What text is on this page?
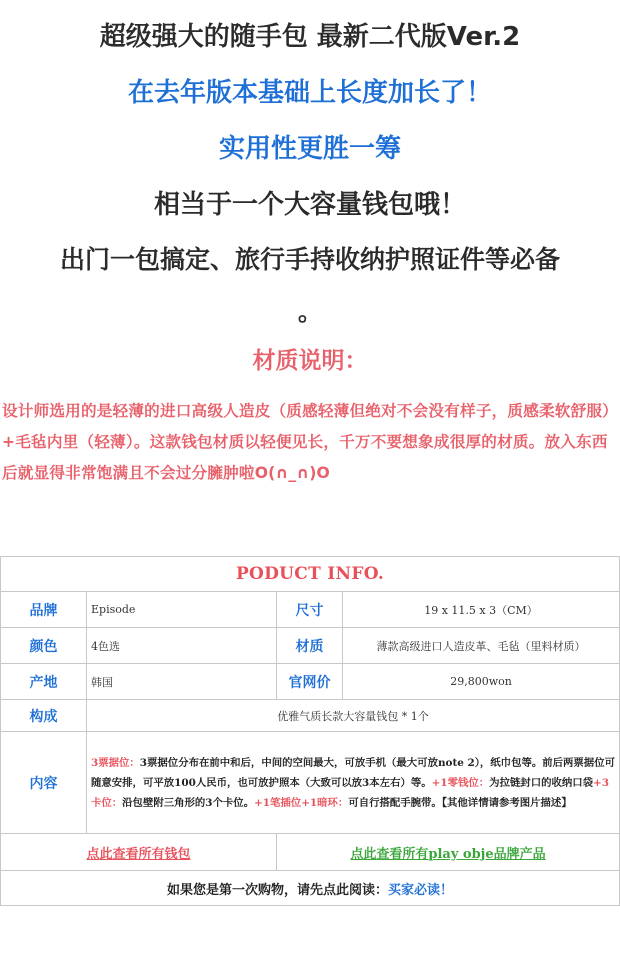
超级强大的随手包 最新二代版Ver.2
在去年版本基础上长度加长了！
实用性更胜一筹
相当于一个大容量钱包哦！
出门一包搞定、旅行手持收纳护照证件等必备
。
材质说明：
设计师选用的是轻薄的进口高级人造皮（质感轻薄但绝对不会没有样子，质感柔软舒服）+毛毡内里（轻薄）。这款钱包材质以轻便见长，千万不要想象成很厚的材质。放入东西后就显得非常饱满且不会过分臃肿啦O(∩_∩)O
PODUCT INFO.			
品牌	Episode	尺寸	19 x 11.5 x 3（CM）
颜色	4色选	材质	薄款高级进口人造皮革、毛毡（里料材质）
产地	韩国	官网价	29,800won
构成	优雅气质长款大容量钱包 * 1个		
内容	3票据位：3票据位分布在前中和后，中间的空间最大，可放手机（最大可放note 2），纸巾包等。前后两票据位可随意安排，可平放100人民币，也可放护照本（大致可以放3本左右）等。+1零钱位：为拉链封口的收纳口袋+3卡位：沿包壁附三角形的3个卡位。+1笔插位+1暗环：可自行搭配手腕带。【其他详情请参考图片描述】		
点此查看所有钱包		点此查看所有play obje品牌产品	
如果您是第一次购物，请先点此阅读：买家必读！			
